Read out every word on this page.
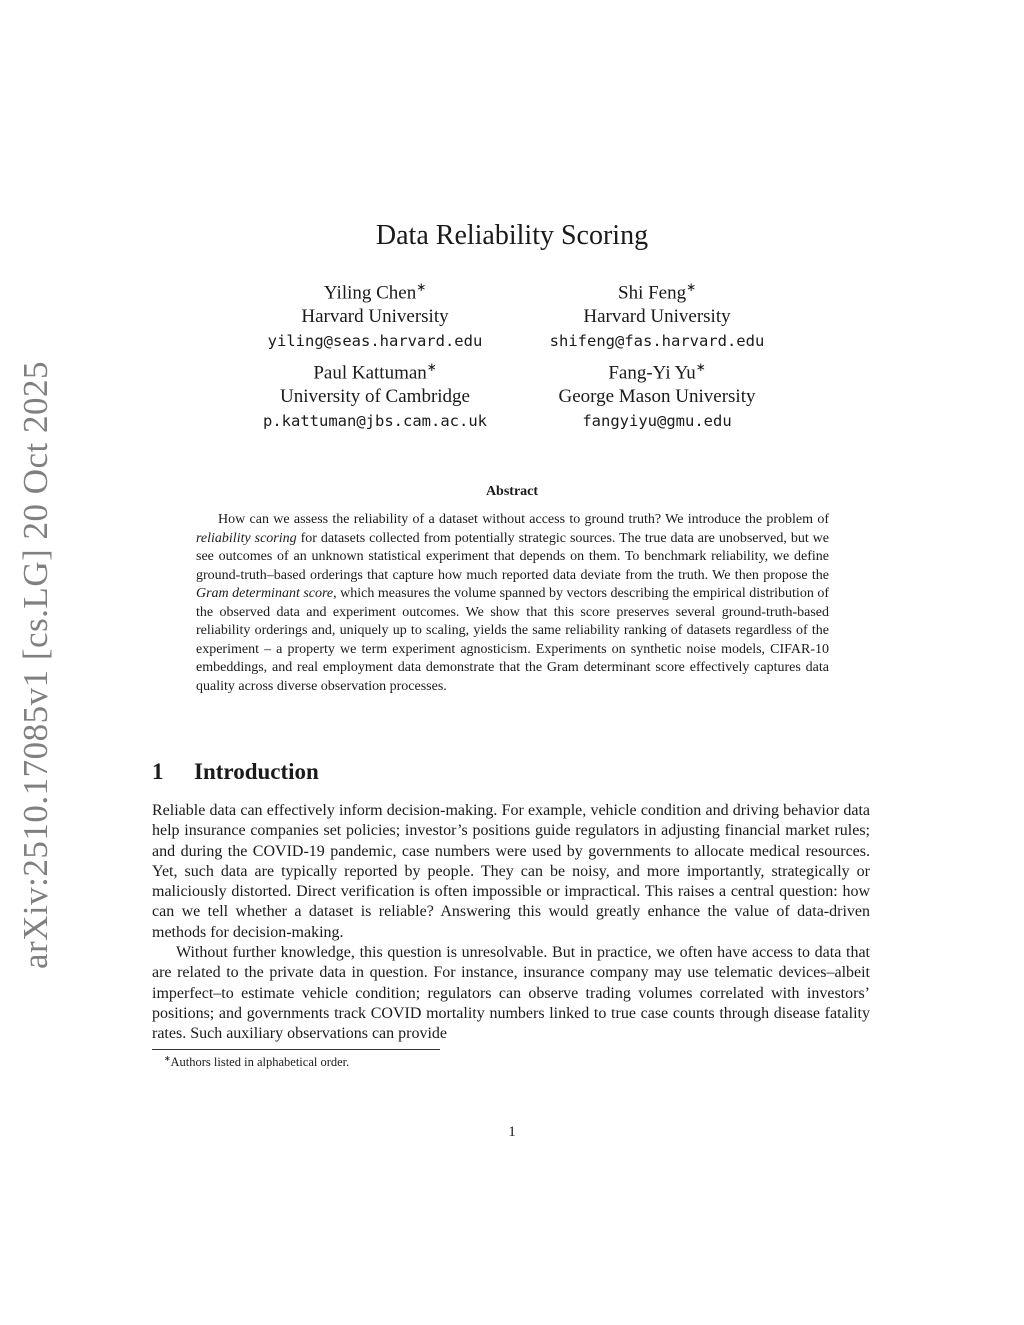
arXiv:2510.17085v1 [cs.LG] 20 Oct 2025
Data Reliability Scoring
Yiling Chen∗
Harvard University
yiling@seas.harvard.edu
Shi Feng∗
Harvard University
shifeng@fas.harvard.edu
Paul Kattuman∗
University of Cambridge
p.kattuman@jbs.cam.ac.uk
Fang-Yi Yu∗
George Mason University
fangyiyu@gmu.edu
Abstract

How can we assess the reliability of a dataset without access to ground truth? We introduce the problem of reliability scoring for datasets collected from potentially strategic sources. The true data are unobserved, but we see outcomes of an unknown statistical experiment that depends on them. To benchmark reliability, we define ground-truth–based orderings that capture how much reported data deviate from the truth. We then propose the Gram determinant score, which measures the volume spanned by vectors describing the empirical distribution of the observed data and experiment outcomes. We show that this score preserves several ground-truth-based reliability orderings and, uniquely up to scaling, yields the same reliability ranking of datasets regardless of the experiment – a property we term experiment agnosticism. Experiments on synthetic noise models, CIFAR-10 embeddings, and real employment data demonstrate that the Gram determinant score effectively captures data quality across diverse observation processes.

1 Introduction

Reliable data can effectively inform decision-making. For example, vehicle condition and driving behavior data help insurance companies set policies; investor’s positions guide regulators in adjusting financial market rules; and during the COVID-19 pandemic, case numbers were used by governments to allocate medical resources. Yet, such data are typically reported by people. They can be noisy, and more importantly, strategically or maliciously distorted. Direct verification is often impossible or impractical. This raises a central question: how can we tell whether a dataset is reliable? Answering this would greatly enhance the value of data-driven methods for decision-making.

Without further knowledge, this question is unresolvable. But in practice, we often have access to data that are related to the private data in question. For instance, insurance company may use telematic devices–albeit imperfect–to estimate vehicle condition; regulators can observe trading volumes correlated with investors’ positions; and governments track COVID mortality numbers linked to true case counts through disease fatality rates. Such auxiliary observations can provide

∗Authors listed in alphabetical order.
1
